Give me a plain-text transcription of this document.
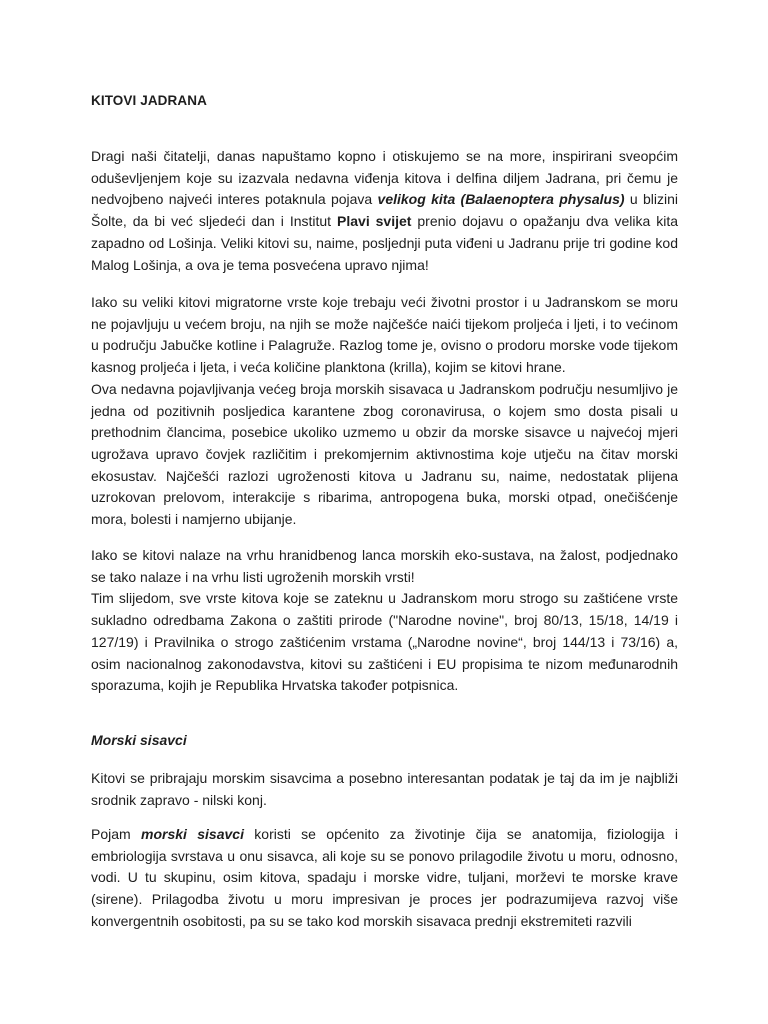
KITOVI JADRANA

Dragi naši čitatelji, danas napuštamo kopno i otiskujemo se na more, inspirirani sveopćim oduševljenjem koje su izazvala nedavna viđenja kitova i delfina diljem Jadrana, pri čemu je nedvojbeno najveći interes potaknula pojava velikog kita (Balaenoptera physalus) u blizini Šolte, da bi već sljedeći dan i Institut Plavi svijet prenio dojavu o opažanju dva velika kita zapadno od Lošinja. Veliki kitovi su, naime, posljednji puta viđeni u Jadranu prije tri godine kod Malog Lošinja, a ova je tema posvećena upravo njima!

Iako su veliki kitovi migratorne vrste koje trebaju veći životni prostor i u Jadranskom se moru ne pojavljuju u većem broju, na njih se može najčešće naići tijekom proljeća i ljeti, i to većinom u području Jabučke kotline i Palagruže. Razlog tome je, ovisno o prodoru morske vode tijekom kasnog proljeća i ljeta, i veća količine planktona (krilla), kojim se kitovi hrane.

Ova nedavna pojavljivanja većeg broja morskih sisavaca u Jadranskom području nesumljivo je jedna od pozitivnih posljedica karantene zbog coronavirusa, o kojem smo dosta pisali u prethodnim člancima, posebice ukoliko uzmemo u obzir da morske sisavce u najvećoj mjeri ugrožava upravo čovjek različitim i prekomjernim aktivnostima koje utječu na čitav morski ekosustav. Najčešći razlozi ugroženosti kitova u Jadranu su, naime, nedostatak plijena uzrokovan prelovom, interakcije s ribarima, antropogena buka, morski otpad, onečišćenje mora, bolesti i namjerno ubijanje.

Iako se kitovi nalaze na vrhu hranidbenog lanca morskih eko-sustava, na žalost, podjednako se tako nalaze i na vrhu listi ugroženih morskih vrsti!

Tim slijedom, sve vrste kitova koje se zateknu u Jadranskom moru strogo su zaštićene vrste sukladno odredbama Zakona o zaštiti prirode ("Narodne novine", broj 80/13, 15/18, 14/19 i 127/19) i Pravilnika o strogo zaštićenim vrstama („Narodne novine“, broj 144/13 i 73/16) a, osim nacionalnog zakonodavstva, kitovi su zaštićeni i EU propisima te nizom međunarodnih sporazuma, kojih je Republika Hrvatska također potpisnica.

Morski sisavci

Kitovi se pribrajaju morskim sisavcima a posebno interesantan podatak je taj da im je najbliži srodnik zapravo - nilski konj.

Pojam morski sisavci koristi se općenito za životinje čija se anatomija, fiziologija i embriologija svrstava u onu sisavca, ali koje su se ponovo prilagodile životu u moru, odnosno, vodi. U tu skupinu, osim kitova, spadaju i morske vidre, tuljani, morževi te morske krave (sirene). Prilagodba životu u moru impresivan je proces jer podrazumijeva razvoj više konvergentnih osobitosti, pa su se tako kod morskih sisavaca prednji ekstremiteti razvili
